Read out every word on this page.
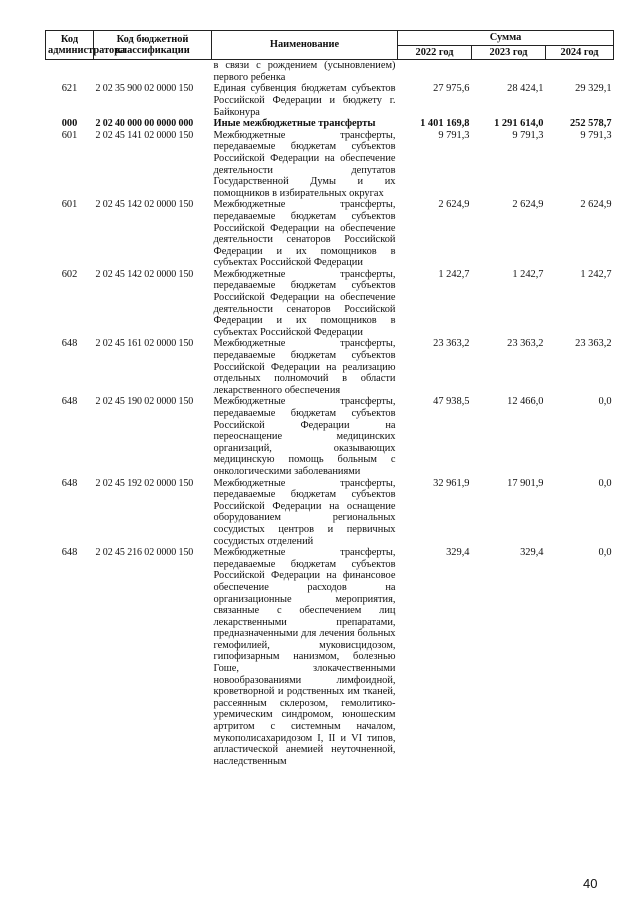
Код администратора	Код бюджетной классификации	Наименование	Сумма		
			2022 год	2023 год	2024 год
		в связи с рождением (усыновлением) первого ребенка			
621	2 02 35 900 02 0000 150	Единая субвенция бюджетам субъектов Российской Федерации и бюджету г. Байконура	27 975,6	28 424,1	29 329,1
000	2 02 40 000 00 0000 000	Иные межбюджетные трансферты	1 401 169,8	1 291 614,0	252 578,7
601	2 02 45 141 02 0000 150	Межбюджетные трансферты, передаваемые бюджетам субъектов Российской Федерации на обеспечение деятельности депутатов Государственной Думы и их помощников в избирательных округах	9 791,3	9 791,3	9 791,3
601	2 02 45 142 02 0000 150	Межбюджетные трансферты, передаваемые бюджетам субъектов Российской Федерации на обеспечение деятельности сенаторов Российской Федерации и их помощников в субъектах Российской Федерации	2 624,9	2 624,9	2 624,9
602	2 02 45 142 02 0000 150	Межбюджетные трансферты, передаваемые бюджетам субъектов Российской Федерации на обеспечение деятельности сенаторов Российской Федерации и их помощников в субъектах Российской Федерации	1 242,7	1 242,7	1 242,7
648	2 02 45 161 02 0000 150	Межбюджетные трансферты, передаваемые бюджетам субъектов Российской Федерации на реализацию отдельных полномочий в области лекарственного обеспечения	23 363,2	23 363,2	23 363,2
648	2 02 45 190 02 0000 150	Межбюджетные трансферты, передаваемые бюджетам субъектов Российской Федерации на переоснащение медицинских организаций, оказывающих медицинскую помощь больным с онкологическими заболеваниями	47 938,5	12 466,0	0,0
648	2 02 45 192 02 0000 150	Межбюджетные трансферты, передаваемые бюджетам субъектов Российской Федерации на оснащение оборудованием региональных сосудистых центров и первичных сосудистых отделений	32 961,9	17 901,9	0,0
648	2 02 45 216 02 0000 150	Межбюджетные трансферты, передаваемые бюджетам субъектов Российской Федерации на финансовое обеспечение расходов на организационные мероприятия, связанные с обеспечением лиц лекарственными препаратами, предназначенными для лечения больных гемофилией, муковисцидозом, гипофизарным нанизмом, болезнью Гоше, злокачественными новообразованиями лимфоидной, кроветворной и родственных им тканей, рассеянным склерозом, гемолитико-уремическим синдромом, юношеским артритом с системным началом, мукополисахаридозом I, II и VI типов, апластической анемией неуточненной, наследственным	329,4	329,4	0,0
40
